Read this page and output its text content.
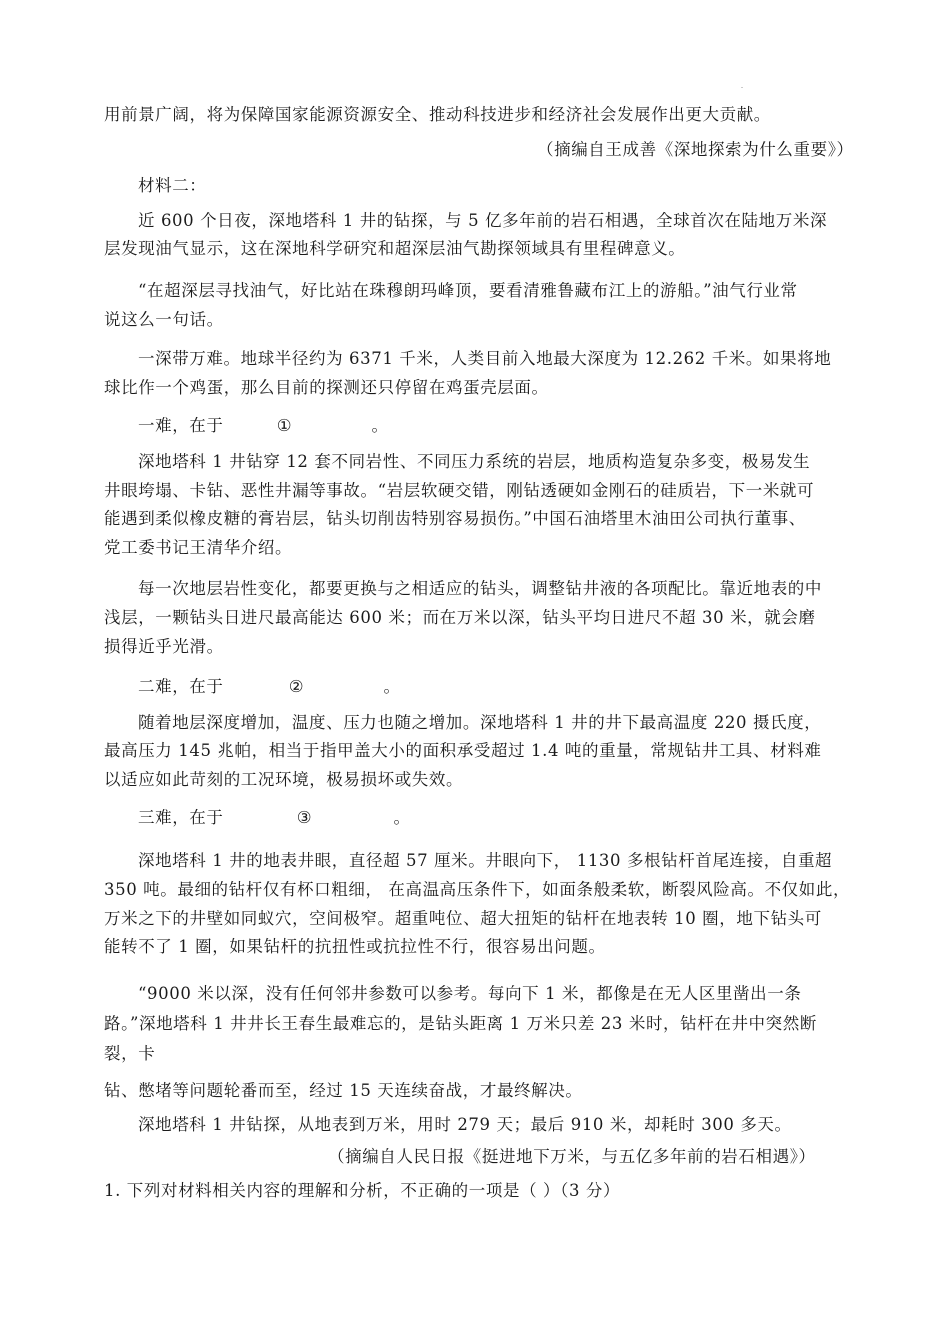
-
用前景广阔，将为保障国家能源资源安全、推动科技进步和经济社会发展作出更大贡献。
（摘编自王成善《深地探索为什么重要》）
材料二：
近 600 个日夜，深地塔科 1 井的钻探，与 5 亿多年前的岩石相遇，全球首次在陆地万米深
层发现油气显示，这在深地科学研究和超深层油气勘探领域具有里程碑意义。
“在超深层寻找油气，好比站在珠穆朗玛峰顶，要看清雅鲁藏布江上的游船。”油气行业常
说这么一句话。
一深带万难。地球半径约为 6371 千米，人类目前入地最大深度为 12.262 千米。如果将地
球比作一个鸡蛋，那么目前的探测还只停留在鸡蛋壳层面。
一难，在于	①	。
深地塔科 1 井钻穿 12 套不同岩性、不同压力系统的岩层，地质构造复杂多变，极易发生
井眼垮塌、卡钻、恶性井漏等事故。“岩层软硬交错，刚钻透硬如金刚石的硅质岩，下一米就可
能遇到柔似橡皮糖的膏岩层，钻头切削齿特别容易损伤。”中国石油塔里木油田公司执行董事、
党工委书记王清华介绍。
每一次地层岩性变化，都要更换与之相适应的钻头，调整钻井液的各项配比。靠近地表的中
浅层，一颗钻头日进尺最高能达 600 米；而在万米以深，钻头平均日进尺不超 30 米，就会磨
损得近乎光滑。
二难，在于	②	。
随着地层深度增加，温度、压力也随之增加。深地塔科 1 井的井下最高温度 220 摄氏度，
最高压力 145 兆帕，相当于指甲盖大小的面积承受超过 1.4 吨的重量，常规钻井工具、材料难
以适应如此苛刻的工况环境，极易损坏或失效。
三难，在于	③	。
深地塔科 1 井的地表井眼，直径超 57 厘米。井眼向下， 1130 多根钻杆首尾连接，自重超
350 吨。最细的钻杆仅有杯口粗细， 在高温高压条件下，如面条般柔软，断裂风险高。不仅如此，
万米之下的井壁如同蚁穴，空间极窄。超重吨位、超大扭矩的钻杆在地表转 10 圈，地下钻头可
能转不了 1 圈，如果钻杆的抗扭性或抗拉性不行，很容易出问题。
“9000 米以深，没有任何邻井参数可以参考。每向下 1 米，都像是在无人区里凿出一条
路。”深地塔科 1 井井长王春生最难忘的，是钻头距离 1 万米只差 23 米时，钻杆在井中突然断
裂，卡
钻、憋堵等问题轮番而至，经过 15 天连续奋战，才最终解决。
深地塔科 1 井钻探，从地表到万米，用时 279 天；最后 910 米，却耗时 300 多天。
（摘编自人民日报《挺进地下万米，与五亿多年前的岩石相遇》）
1. 下列对材料相关内容的理解和分析，不正确的一项是（ ）（3 分）
